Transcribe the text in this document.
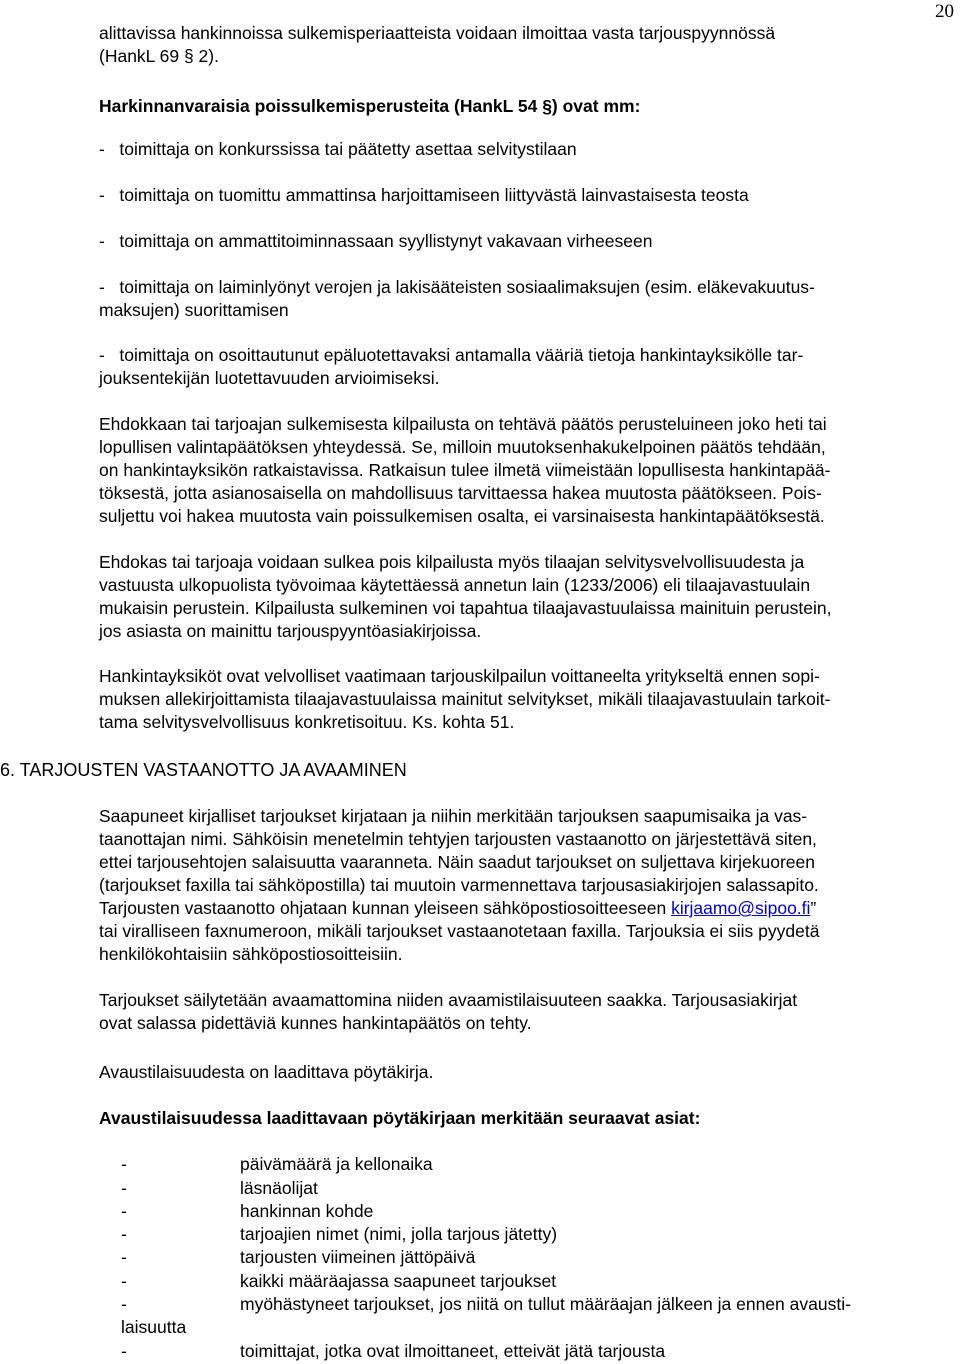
20
alittavissa hankinnoissa sulkemisperiaatteista voidaan ilmoittaa vasta tarjouspyynnössä
(HankL 69 § 2).
Harkinnanvaraisia poissulkemisperusteita (HankL 54 §) ovat mm:
-   toimittaja on konkurssissa tai päätetty asettaa selvitystilaan
-   toimittaja on tuomittu ammattinsa harjoittamiseen liittyvästä lainvastaisesta teosta
-   toimittaja on ammattitoiminnassaan syyllistynyt vakavaan virheeseen
-   toimittaja on laiminlyönyt verojen ja lakisääteisten sosiaalimaksujen (esim. eläkevakuutus-
maksujen) suorittamisen
-   toimittaja on osoittautunut epäluotettavaksi antamalla vääriä tietoja hankintayksikölle tar-
jouksentekijän luotettavuuden arvioimiseksi.
Ehdokkaan tai tarjoajan sulkemisesta kilpailusta on tehtävä päätös perusteluineen joko heti tai
lopullisen valintapäätöksen yhteydessä. Se, milloin muutoksenhakukelpoinen päätös tehdään,
on hankintayksikön ratkaistavissa. Ratkaisun tulee ilmetä viimeistään lopullisesta hankintapää-
töksestä, jotta asianosaisella on mahdollisuus tarvittaessa hakea muutosta päätökseen. Pois-
suljettu voi hakea muutosta vain poissulkemisen osalta, ei varsinaisesta hankintapäätöksestä.
Ehdokas tai tarjoaja voidaan sulkea pois kilpailusta myös tilaajan selvitysvelvollisuudesta ja
vastuusta ulkopuolista työvoimaa käytettäessä annetun lain (1233/2006) eli tilaajavastuulain
mukaisin perustein. Kilpailusta sulkeminen voi tapahtua tilaajavastuulaissa mainituin perustein,
jos asiasta on mainittu tarjouspyyntöasiakirjoissa.
Hankintayksiköt ovat velvolliset vaatimaan tarjouskilpailun voittaneelta yritykseltä ennen sopi-
muksen allekirjoittamista tilaajavastuulaissa mainitut selvitykset, mikäli tilaajavastuulain tarkoit-
tama selvitysvelvollisuus konkretisoituu. Ks. kohta 51.
6. TARJOUSTEN VASTAANOTTO JA AVAAMINEN
Saapuneet kirjalliset tarjoukset kirjataan ja niihin merkitään tarjouksen saapumisaika ja vas-
taanottajan nimi. Sähköisin menetelmin tehtyjen tarjousten vastaanotto on järjestettävä siten,
ettei tarjousehtojen salaisuutta vaaranneta. Näin saadut tarjoukset on suljettava kirjekuoreen
(tarjoukset faxilla tai sähköpostilla) tai muutoin varmennettava tarjousasiakirjojen salassapito.
Tarjousten vastaanotto ohjataan kunnan yleiseen sähköpostiosoitteeseen kirjaamo@sipoo.fi”
tai viralliseen faxnumeroon, mikäli tarjoukset vastaanotetaan faxilla. Tarjouksia ei siis pyydetä
henkilökohtaisiin sähköpostiosoitteisiin.
Tarjoukset säilytetään avaamattomina niiden avaamistilaisuuteen saakka. Tarjousasiakirjat
ovat salassa pidettäviä kunnes hankintapäätös on tehty.
Avaustilaisuudesta on laadittava pöytäkirja.
Avaustilaisuudessa laadittavaan pöytäkirjaan merkitään seuraavat asiat:
-	päivämäärä ja kellonaika
-	läsnäolijat
-	hankinnan kohde
-	tarjoajien nimet (nimi, jolla tarjous jätetty)
-	tarjousten viimeinen jättöpäivä
-	kaikki määräajassa saapuneet tarjoukset
-	myöhästyneet tarjoukset, jos niitä on tullut määräajan jälkeen ja ennen avausti-
laisuutta
-	toimittajat, jotka ovat ilmoittaneet, etteivät jätä tarjousta
